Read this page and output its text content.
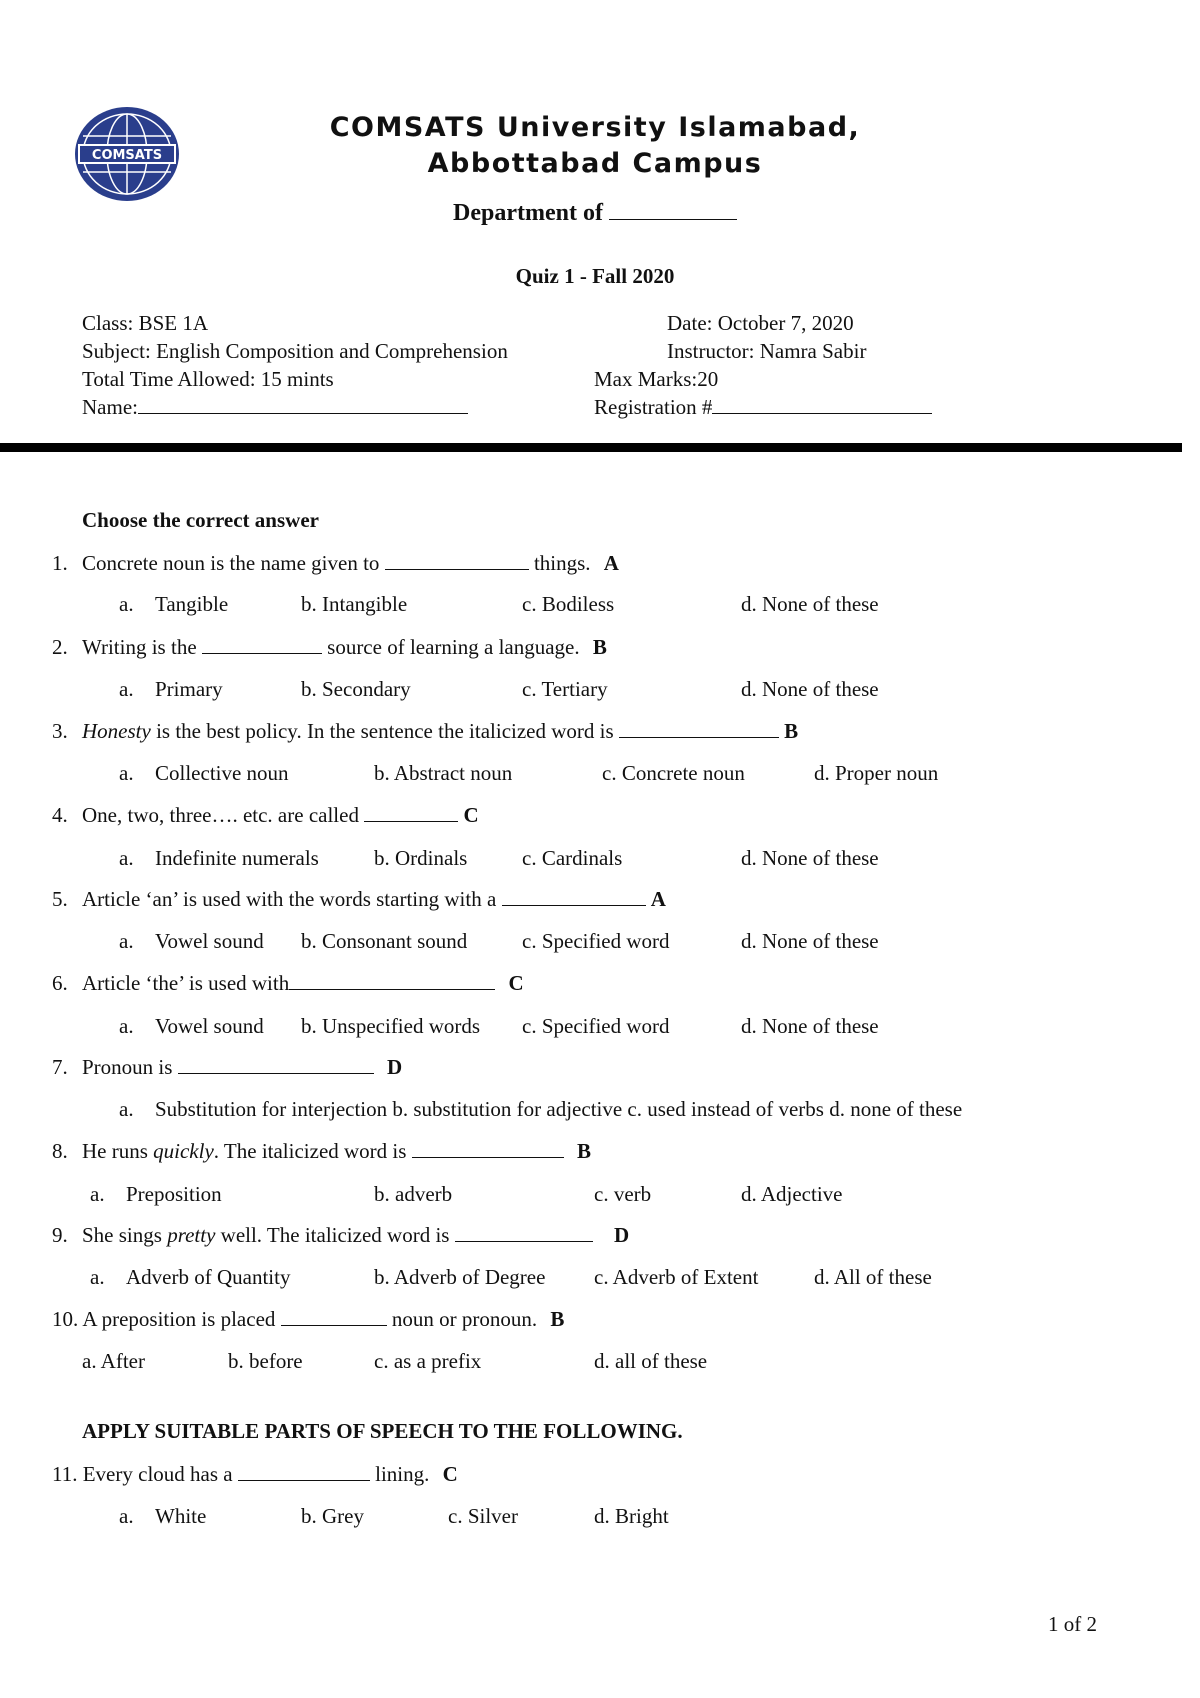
COMSATS
COMSATS University Islamabad,
Abbottabad Campus
Department of
Quiz 1 - Fall 2020
Class: BSE 1A	Date: October 7, 2020
Subject: English Composition and Comprehension	Instructor: Namra Sabir
Total Time Allowed: 15 mints	Max Marks:20
Name:	Registration #
Choose the correct answer
1. Concrete noun is the name given to	things. A
a. Tangible	b. Intangible	c. Bodiless	d. None of these
2. Writing is the	source of learning a language. B
a. Primary	b. Secondary	c. Tertiary	d. None of these
3. Honesty is the best policy. In the sentence the italicized word is	B
a. Collective noun	b. Abstract noun	c. Concrete noun	d. Proper noun
4. One, two, three…. etc. are called	C
a. Indefinite numerals	b. Ordinals	c. Cardinals	d. None of these
5. Article ‘an’ is used with the words starting with a	A
a. Vowel sound b. Consonant sound	c. Specified word	d. None of these
6. Article ‘the’ is used with	C
a. Vowel sound b. Unspecified words c. Specified word	d. None of these
7. Pronoun is	D
a. Substitution for interjection b. substitution for adjective c. used instead of verbs d. none of these
8. He runs quickly. The italicized word is	B
a. Preposition	b. adverb	c. verb	d. Adjective
9. She sings pretty well. The italicized word is	D
a. Adverb of Quantity	b. Adverb of Degree c. Adverb of Extent	d. All of these
10. A preposition is placed	noun or pronoun. B
a. After	b. before	c. as a prefix	d. all of these
APPLY SUITABLE PARTS OF SPEECH TO THE FOLLOWING.
11. Every cloud has a	lining. C
a. White	b. Grey	c. Silver	d. Bright
1 of 2
